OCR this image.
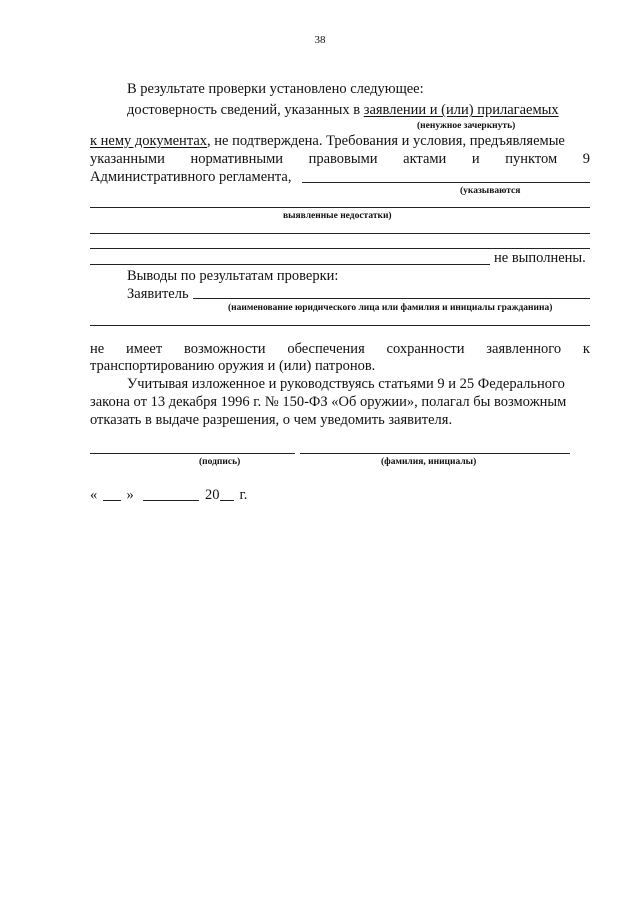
38
В результате проверки установлено следующее:
достоверность сведений, указанных в заявлении и (или) прилагаемых
(ненужное зачеркнуть)
к нему документах, не подтверждена. Требования и условия, предъявляемые
указанными нормативными правовыми актами и пунктом 9
Административного регламента,
(указываются
выявленные недостатки)
не выполнены.
Выводы по результатам проверки:
Заявитель
(наименование юридического лица или фамилия и инициалы гражданина)
не имеет возможности обеспечения сохранности заявленного к
транспортированию оружия и (или) патронов.
Учитывая изложенное и руководствуясь статьями 9 и 25 Федерального
закона от 13 декабря 1996 г. № 150-ФЗ «Об оружии», полагал бы возможным
отказать в выдаче разрешения, о чем уведомить заявителя.
(подпись)	(фамилия, инициалы)
« »	20 г.
